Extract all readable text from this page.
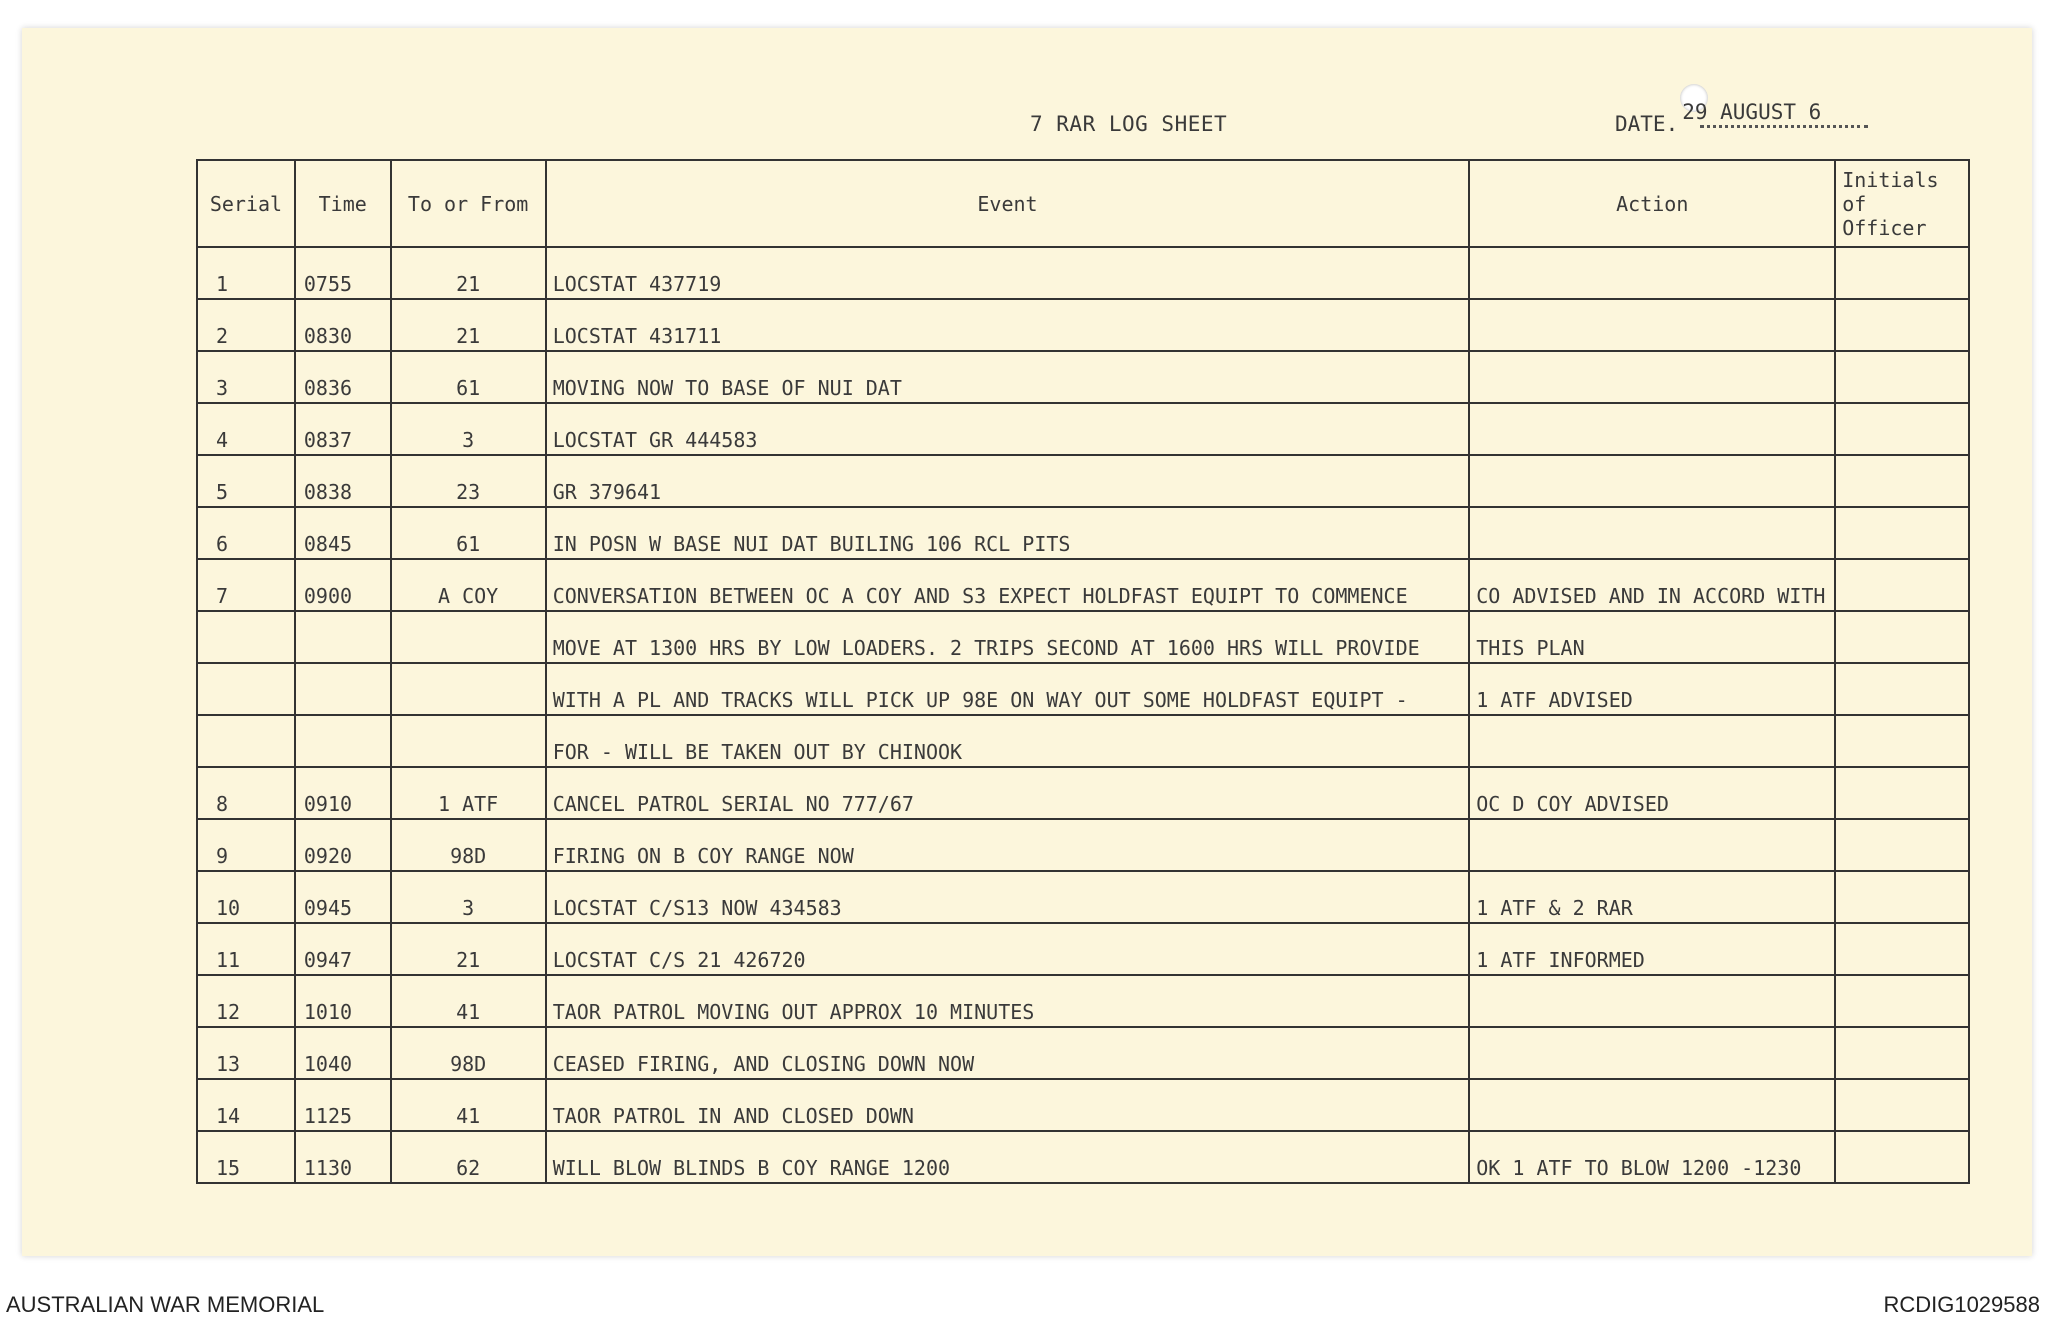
7 RAR LOG SHEET	DATE. 29 AUGUST 6
Serial	Time	To or From	Event	Action	Initials of Officer
1	0755	21	LOCSTAT 437719		
2	0830	21	LOCSTAT 431711		
3	0836	61	MOVING NOW TO BASE OF NUI DAT		
4	0837	3	LOCSTAT GR 444583		
5	0838	23	GR 379641		
6	0845	61	IN POSN W BASE NUI DAT BUILING 106 RCL PITS		
7	0900	A COY	CONVERSATION BETWEEN OC A COY AND S3 EXPECT HOLDFAST EQUIPT TO COMMENCE	CO ADVISED AND IN ACCORD WITH	
			MOVE AT 1300 HRS BY LOW LOADERS. 2 TRIPS SECOND AT 1600 HRS WILL PROVIDE	THIS PLAN	
			WITH A PL AND TRACKS WILL PICK UP 98E ON WAY OUT SOME HOLDFAST EQUIPT -	1 ATF ADVISED	
			FOR - WILL BE TAKEN OUT BY CHINOOK		
8	0910	1 ATF	CANCEL PATROL SERIAL NO 777/67	OC D COY ADVISED	
9	0920	98D	FIRING ON B COY RANGE NOW		
10	0945	3	LOCSTAT C/S13 NOW 434583	1 ATF & 2 RAR	
11	0947	21	LOCSTAT C/S 21 426720	1 ATF INFORMED	
12	1010	41	TAOR PATROL MOVING OUT APPROX 10 MINUTES		
13	1040	98D	CEASED FIRING, AND CLOSING DOWN NOW		
14	1125	41	TAOR PATROL IN AND CLOSED DOWN		
15	1130	62	WILL BLOW BLINDS B COY RANGE 1200	OK 1 ATF TO BLOW 1200 -1230	
AUSTRALIAN WAR MEMORIAL	RCDIG1029588
